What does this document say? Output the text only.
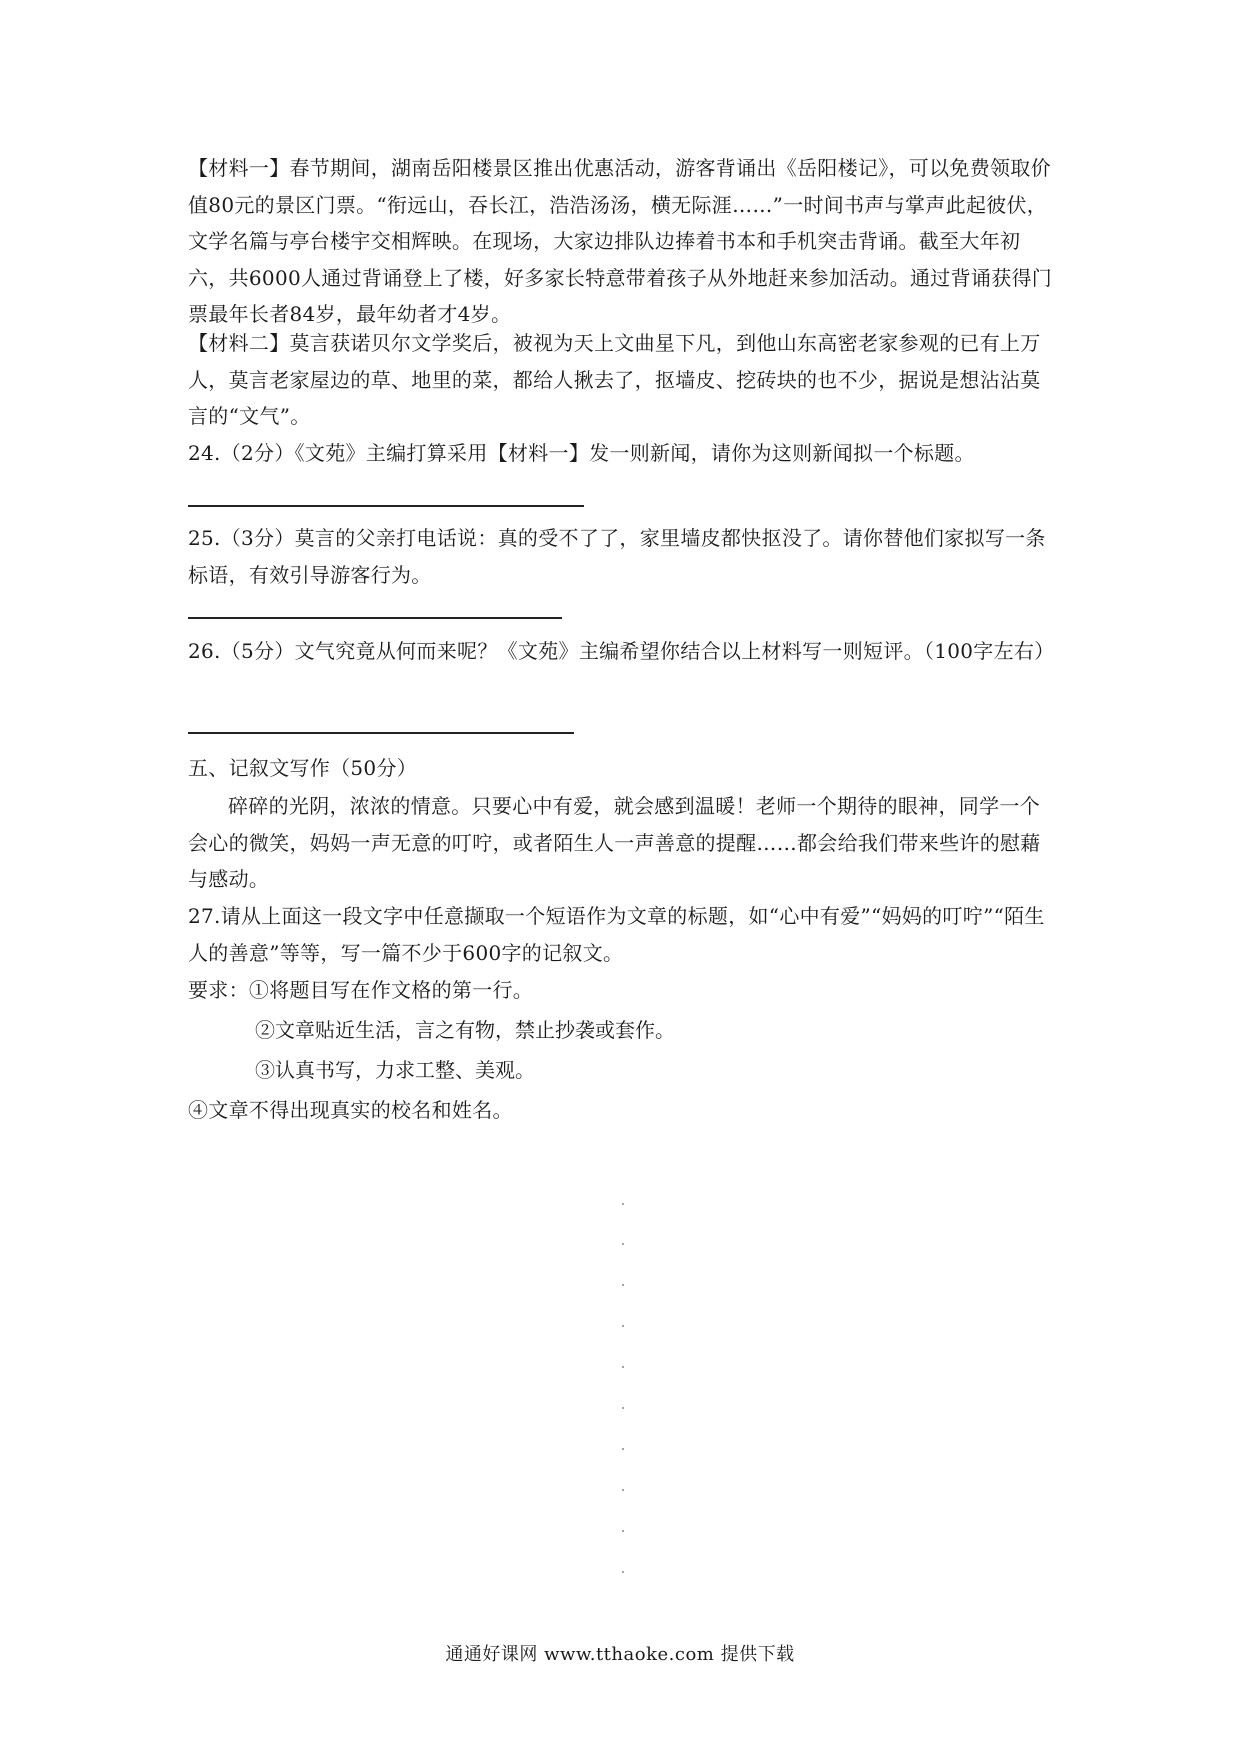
【材料一】春节期间，湖南岳阳楼景区推出优惠活动，游客背诵出《岳阳楼记》，可以免费领取价值80元的景区门票。“衔远山，吞长江，浩浩汤汤，横无际涯……”一时间书声与掌声此起彼伏，文学名篇与亭台楼宇交相辉映。在现场，大家边排队边捧着书本和手机突击背诵。截至大年初六，共6000人通过背诵登上了楼，好多家长特意带着孩子从外地赶来参加活动。通过背诵获得门票最年长者84岁，最年幼者才4岁。
【材料二】莫言获诺贝尔文学奖后，被视为天上文曲星下凡，到他山东高密老家参观的已有上万人，莫言老家屋边的草、地里的菜，都给人揪去了，抠墙皮、挖砖块的也不少，据说是想沾沾莫言的“文气”。
24.（2分）《文苑》主编打算采用【材料一】发一则新闻，请你为这则新闻拟一个标题。
25.（3分）莫言的父亲打电话说：真的受不了了，家里墙皮都快抠没了。请你替他们家拟写一条标语，有效引导游客行为。
26.（5分）文气究竟从何而来呢？《文苑》主编希望你结合以上材料写一则短评。（100字左右）
五、记叙文写作（50分）
碎碎的光阴，浓浓的情意。只要心中有爱，就会感到温暖！老师一个期待的眼神，同学一个会心的微笑，妈妈一声无意的叮咛，或者陌生人一声善意的提醒……都会给我们带来些许的慰藉与感动。
27.请从上面这一段文字中任意撷取一个短语作为文章的标题，如“心中有爱”“妈妈的叮咛”“陌生人的善意”等等，写一篇不少于600字的记叙文。
要求：①将题目写在作文格的第一行。
②文章贴近生活，言之有物，禁止抄袭或套作。
③认真书写，力求工整、美观。
④文章不得出现真实的校名和姓名。
通通好课网 www.tthaoke.com 提供下载
